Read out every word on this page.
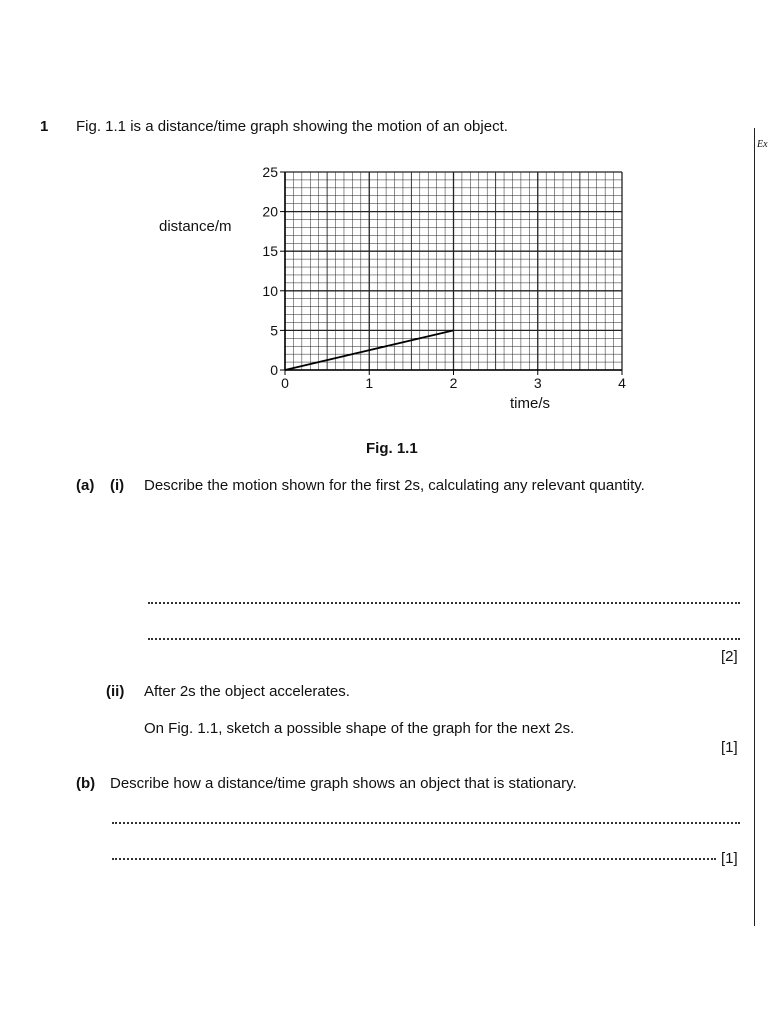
Ex
1 Fig. 1.1 is a distance/time graph showing the motion of an object.
distance/m
0
5
10
15
20
25
0	1	2	3	4
time/s
Fig. 1.1
(a) (i) Describe the motion shown for the first 2s, calculating any relevant quantity.
[2]
(ii) After 2s the object accelerates.
On Fig. 1.1, sketch a possible shape of the graph for the next 2s.
[1]
(b) Describe how a distance/time graph shows an object that is stationary.
[1]
